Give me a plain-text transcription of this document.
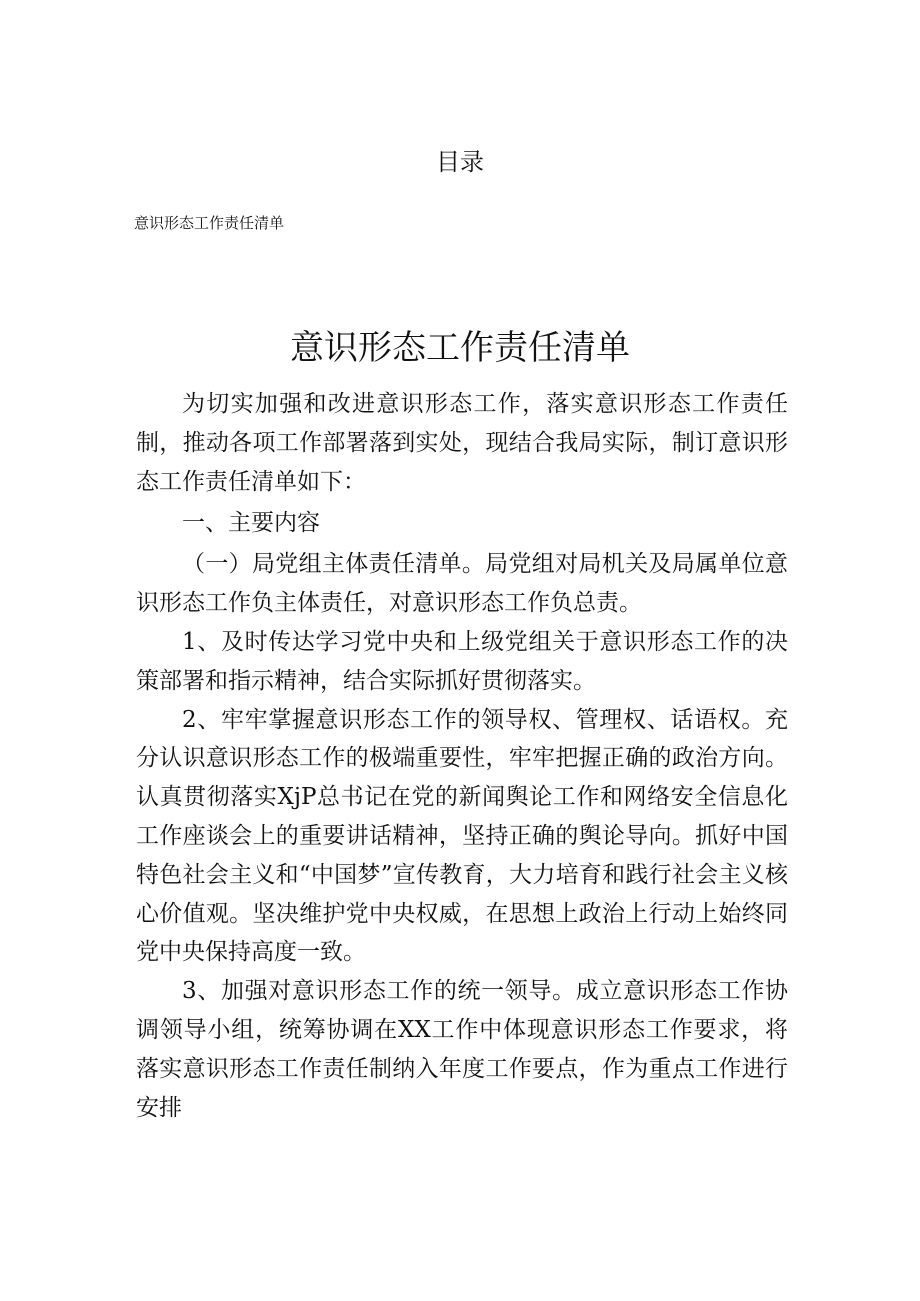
目录
意识形态工作责任清单
意识形态工作责任清单

为切实加强和改进意识形态工作，落实意识形态工作责任制，推动各项工作部署落到实处，现结合我局实际，制订意识形态工作责任清单如下：

一、主要内容

（一）局党组主体责任清单。局党组对局机关及局属单位意识形态工作负主体责任，对意识形态工作负总责。

1、及时传达学习党中央和上级党组关于意识形态工作的决策部署和指示精神，结合实际抓好贯彻落实。

2、牢牢掌握意识形态工作的领导权、管理权、话语权。充分认识意识形态工作的极端重要性，牢牢把握正确的政治方向。认真贯彻落实XjP总书记在党的新闻舆论工作和网络安全信息化工作座谈会上的重要讲话精神，坚持正确的舆论导向。抓好中国特色社会主义和“中国梦”宣传教育，大力培育和践行社会主义核心价值观。坚决维护党中央权威，在思想上政治上行动上始终同党中央保持高度一致。

3、加强对意识形态工作的统一领导。成立意识形态工作协调领导小组，统筹协调在XX工作中体现意识形态工作要求，将落实意识形态工作责任制纳入年度工作要点，作为重点工作进行安排
